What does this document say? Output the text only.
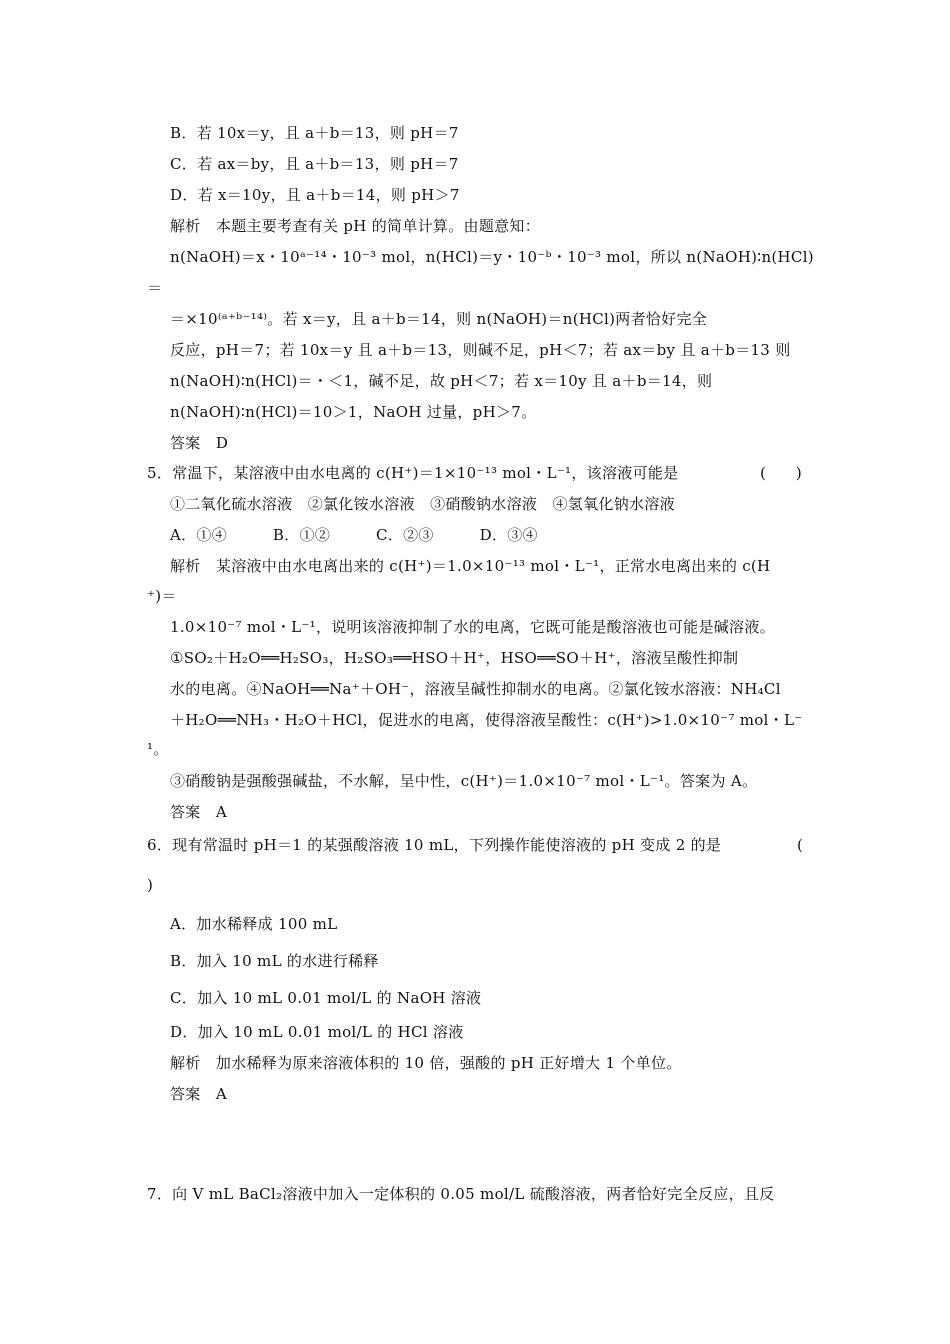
B．若 10x＝y，且 a＋b＝13，则 pH＝7
C．若 ax＝by，且 a＋b＝13，则 pH＝7
D．若 x＝10y，且 a＋b＝14，则 pH＞7
解析　本题主要考查有关 pH 的简单计算。由题意知：
n(NaOH)＝x・10ᵃ⁻¹⁴・10⁻³ mol，n(HCl)＝y・10⁻ᵇ・10⁻³ mol，所以 n(NaOH)∶n(HCl)
＝
＝×10⁽ᵃ⁺ᵇ⁻¹⁴⁾。若 x＝y，且 a＋b＝14，则 n(NaOH)＝n(HCl)两者恰好完全
反应，pH＝7；若 10x＝y 且 a＋b＝13，则碱不足，pH＜7；若 ax＝by 且 a＋b＝13 则
n(NaOH)∶n(HCl)＝・＜1，碱不足，故 pH＜7；若 x＝10y 且 a＋b＝14，则
n(NaOH)∶n(HCl)＝10＞1，NaOH 过量，pH＞7。
答案　D
5．常温下，某溶液中由水电离的 c(H⁺)＝1×10⁻¹³ mol・L⁻¹，该溶液可能是	(　　)
①二氧化硫水溶液　②氯化铵水溶液　③硝酸钠水溶液　④氢氧化钠水溶液
A．①④　　　B．①②　　　C．②③　　　D．③④
解析　某溶液中由水电离出来的 c(H⁺)＝1.0×10⁻¹³ mol・L⁻¹，正常水电离出来的 c(H
⁺)＝
1.0×10⁻⁷ mol・L⁻¹，说明该溶液抑制了水的电离，它既可能是酸溶液也可能是碱溶液。
①SO₂＋H₂O══H₂SO₃，H₂SO₃══HSO＋H⁺，HSO══SO＋H⁺，溶液呈酸性抑制
水的电离。④NaOH══Na⁺＋OH⁻，溶液呈碱性抑制水的电离。②氯化铵水溶液：NH₄Cl
＋H₂O══NH₃・H₂O＋HCl，促进水的电离，使得溶液呈酸性：c(H⁺)>1.0×10⁻⁷ mol・L⁻
¹。
③硝酸钠是强酸强碱盐，不水解，呈中性，c(H⁺)＝1.0×10⁻⁷ mol・L⁻¹。答案为 A。
答案　A
6．现有常温时 pH＝1 的某强酸溶液 10 mL，下列操作能使溶液的 pH 变成 2 的是	(
)
A．加水稀释成 100 mL
B．加入 10 mL 的水进行稀释
C．加入 10 mL 0.01 mol/L 的 NaOH 溶液
D．加入 10 mL 0.01 mol/L 的 HCl 溶液
解析　加水稀释为原来溶液体积的 10 倍，强酸的 pH 正好增大 1 个单位。
答案　A
7．向 V mL BaCl₂溶液中加入一定体积的 0.05 mol/L 硫酸溶液，两者恰好完全反应，且反
